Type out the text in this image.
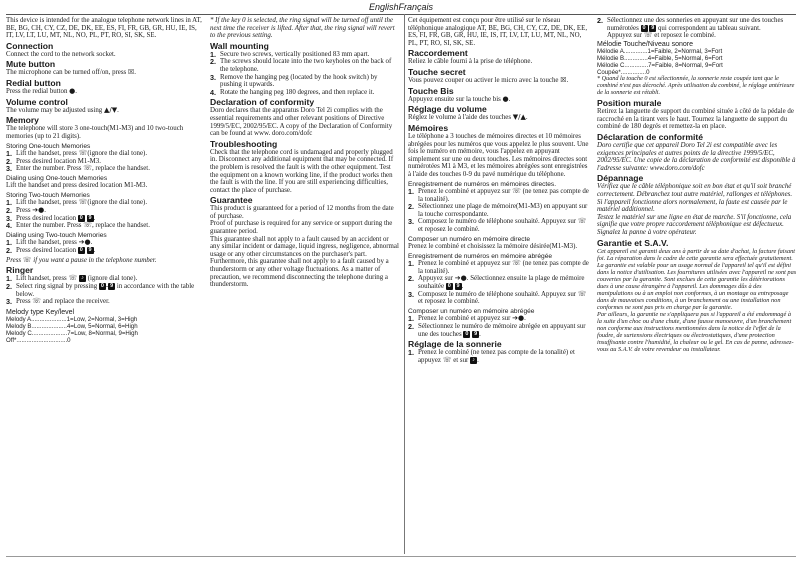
EnglishFrançais

This device is intended for the analogue telephone network lines in AT, BE, BG, CH, CY, CZ, DE, DK, EE, ES, FI, FR, GB, GR, HU, IE, IS, IT, LV, LT, LU, MT, NL, NO, PL, PT, RO, SI, SK, SE.

Connection

Connect the cord to the network socket.

Mute button

The microphone can be turned off/on, press ☒.

Redial button

Press the redial button ●.

Volume control

The volume may be adjusted using ▲/▼.

Memory

The telephone will store 3 one-touch(M1-M3) and 10 two-touch memories (up to 21 digits).

Storing One-touch Memories
1. Lift the handset, press ☏(ignore the dial tone).
2. Press desired location M1-M3.
3. Enter the number. Press ☏, replace the handset.
Dialing using One-touch Memories

Lift the handset and press desired location M1-M3.

Storing Two-touch Memories
1. Lift the handset, press ☏(ignore the dial tone).
2. Press ➔●.
3. Press desired location 0 9 .
4. Enter the number. Press ☏, replace the handset.
Dialing using Two-touch Memories
1. Lift the handset, press ➔●.
2. Press desired location 0 9 .

Press ☏ if you want a pause in the telephone number.

Ringer
1. Lift handset, press ☏ ♪ (ignore dial tone).
2. Select ring signal by pressing 0 - 9 in accordance with the table below.
3. Press ☏ and replace the receiver.
Melody type Key/level
Melody A.....................1=Low, 2=Normal, 3=High
Melody B.....................4=Low, 5=Normal, 6=High
Melody C.....................7=Low, 8=Normal, 9=High
Off*..............................0

* If the key 0 is selected, the ring signal will be turned off until the next time the receiver is lifted. After that, the ring signal will revert to the previous setting.

Wall mounting
1. Secure two screws, vertically positioned 83 mm apart.
2. The screws should locate into the two keyholes on the back of the telephone.
3. Remove the hanging peg (located by the hook switch) by pushing it upwards.
4. Rotate the hanging peg 180 degrees, and then replace it.
Declaration of conformity

Doro declares that the apparatus Doro Tel 2i complies with the essential requirements and other relevant positions of Directive 1999/5/EC, 2002/95/EC. A copy of the Declaration of Conformity can be found at www. doro.com/dofc

Troubleshooting

Check that the telephone cord is undamaged and properly plugged in. Disconnect any additional equipment that may be connected. If the problem is resolved the fault is with the other equipment. Test the equipment on a known working line, if the product works then the fault is with the line. If you are still experiencing difficulties, contact the place of purchase.

Guarantee

This product is guaranteed for a period of 12 months from the date of purchase.

Proof of purchase is required for any service or support during the guarantee period.

This guarantee shall not apply to a fault caused by an accident or any similar incident or damage, liquid ingress, negligence, abnormal usage or any other circumstances on the purchaser's part. Furthermore, this guarantee shall not apply to a fault caused by a thunderstorm or any other voltage fluctuations. As a matter of precaution, we recommend disconnecting the telephone during a thunderstorm.

Cet équipement est conçu pour être utilisé sur le réseau téléphonique analogique AT, BE, BG, CH, CY, CZ, DE, DK, EE, ES, FI, FR, GB, GR, HU, IE, IS, IT, LV, LT, LU, MT, NL, NO, PL, PT, RO, SI, SK, SE.

Raccordement

Reliez le câble fourni à la prise de téléphone.

Touche secret

Vous pouvez couper ou activer le micro avec la touche ☒.

Touche Bis

Appuyez ensuite sur la touche bis ●.

Réglage du volume

Réglez le volume à l'aide des touches ▼/▲.

Mémoires

Le téléphone a 3 touches de mémoires directes et 10 mémoires abrégées pour les numéros que vous appelez le plus souvent. Une fois le numéro en mémoire, vous l'appelez en appuyant simplement sur une ou deux touches. Les mémoires directes sont numérotées M1 à M3, et les mémoires abrégées sont enregistrées à l'aide des touches 0-9 du pavé numérique du téléphone.

Enregistrement de numéros en mémoires directes.
1. Prenez le combiné et appuyez sur ☏ (ne tenez pas compte de la tonalité).
2. Sélectionnez une plage de mémoire(M1-M3) en appuyant sur la touche correspondante.
3. Composez le numéro de téléphone souhaité. Appuyez sur ☏ et reposez le combiné.
Composer un numéro en mémoire directe

Prenez le combiné et choisissez la mémoire désirée(M1-M3).

Enregistrement de numéros en mémoire abrégée
1. Prenez le combiné et appuyez sur ☏ (ne tenez pas compte de la tonalité).
2. Appuyez sur ➔●. Sélectionnez ensuite la plage de mémoire souhaitée 0 9 .
3. Composez le numéro de téléphone souhaité. Appuyez sur ☏ et reposez le combiné.
Composer un numéro en mémoire abrégée
1. Prenez le combiné et appuyez sur ➔●.
2. Sélectionnez le numéro de mémoire abrégée en appuyant sur une des touches 0 9 .
Réglage de la sonnerie
1. Prenez le combiné (ne tenez pas compte de la tonalité) et appuyez ☏ et sur ♪ .
2. Sélectionnez une des sonneries en appuyant sur une des touches numérotées 0 9 qui correspondent au tableau suivant.
Appuyez sur ☏ et reposez le combiné.
Mélodie Touche/Niveau sonore
Mélodie A..............1=Faible, 2=Normal, 3=Fort
Mélodie B..............4=Faible, 5=Normal, 6=Fort
Mélodie C..............7=Faible, 8=Normal, 9=Fort
Coupée*...............0

* Quand la touche 0 est sélectionnée, la sonnerie reste coupée tant que le combiné n'est pas décroché. Après utilisation du combiné, le réglage antérieure de la sonnerie est rétabli.

Position murale

Retirez la languette de support du combiné située à côté de la pédale de raccroché en la tirant vers le haut. Tournez la languette de support du combiné de 180 degrés et remettez-la en place.

Déclaration de conformité

Doro certifie que cet appareil Doro Tel 2i est compatible avec les exigences principales et autres points de la directive 1999/5/EC, 2002/95/EC. Une copie de la déclaration de conformité est disponible à l'adresse suivante: www.doro.com/dofc

Dépannage

Vérifiez que le câble téléphonique soit en bon état et qu'il soit branché correctement. Débranchez tout autre matériel, rallonges et téléphones. Si l'appareil fonctionne alors normalement, la faute est causée par le matériel additionnel.

Testez le matériel sur une ligne en état de marche. S'il fonctionne, cela signifie que votre propre raccordement téléphonique est défectueux. Signalez la panne à votre opérateur.

Garantie et S.A.V.

Cet appareil est garanti deux ans à partir de sa date d'achat, la facture faisant foi. La réparation dans le cadre de cette garantie sera effectuée gratuitement. La garantie est valable pour un usage normal de l'appareil tel qu'il est défini dans la notice d'utilisation. Les fournitures utilisées avec l'appareil ne sont pas couvertes par la garantie. Sont exclues de cette garantie les détériorations dues à une cause étrangère à l'appareil. Les dommages dûs à des manipulations ou à un emploi non conformes, à un montage ou entreposage dans de mauvaises conditions, à un branchement ou une installation non conformes ne sont pas pris en charge par la garantie.

Par ailleurs, la garantie ne s'appliquera pas si l'appareil a été endommagé à la suite d'un choc ou d'une chute, d'une fausse manoeuvre, d'un branchement non conforme aux instructions mentionnées dans la notice de l'effet de la foudre, de surtensions électriques ou électrostatiques, d'une protection insuffisante contre l'humidité, la chaleur ou le gel. En cas de panne, adressez-vous au S.A.V. de votre revendeur ou installateur.
